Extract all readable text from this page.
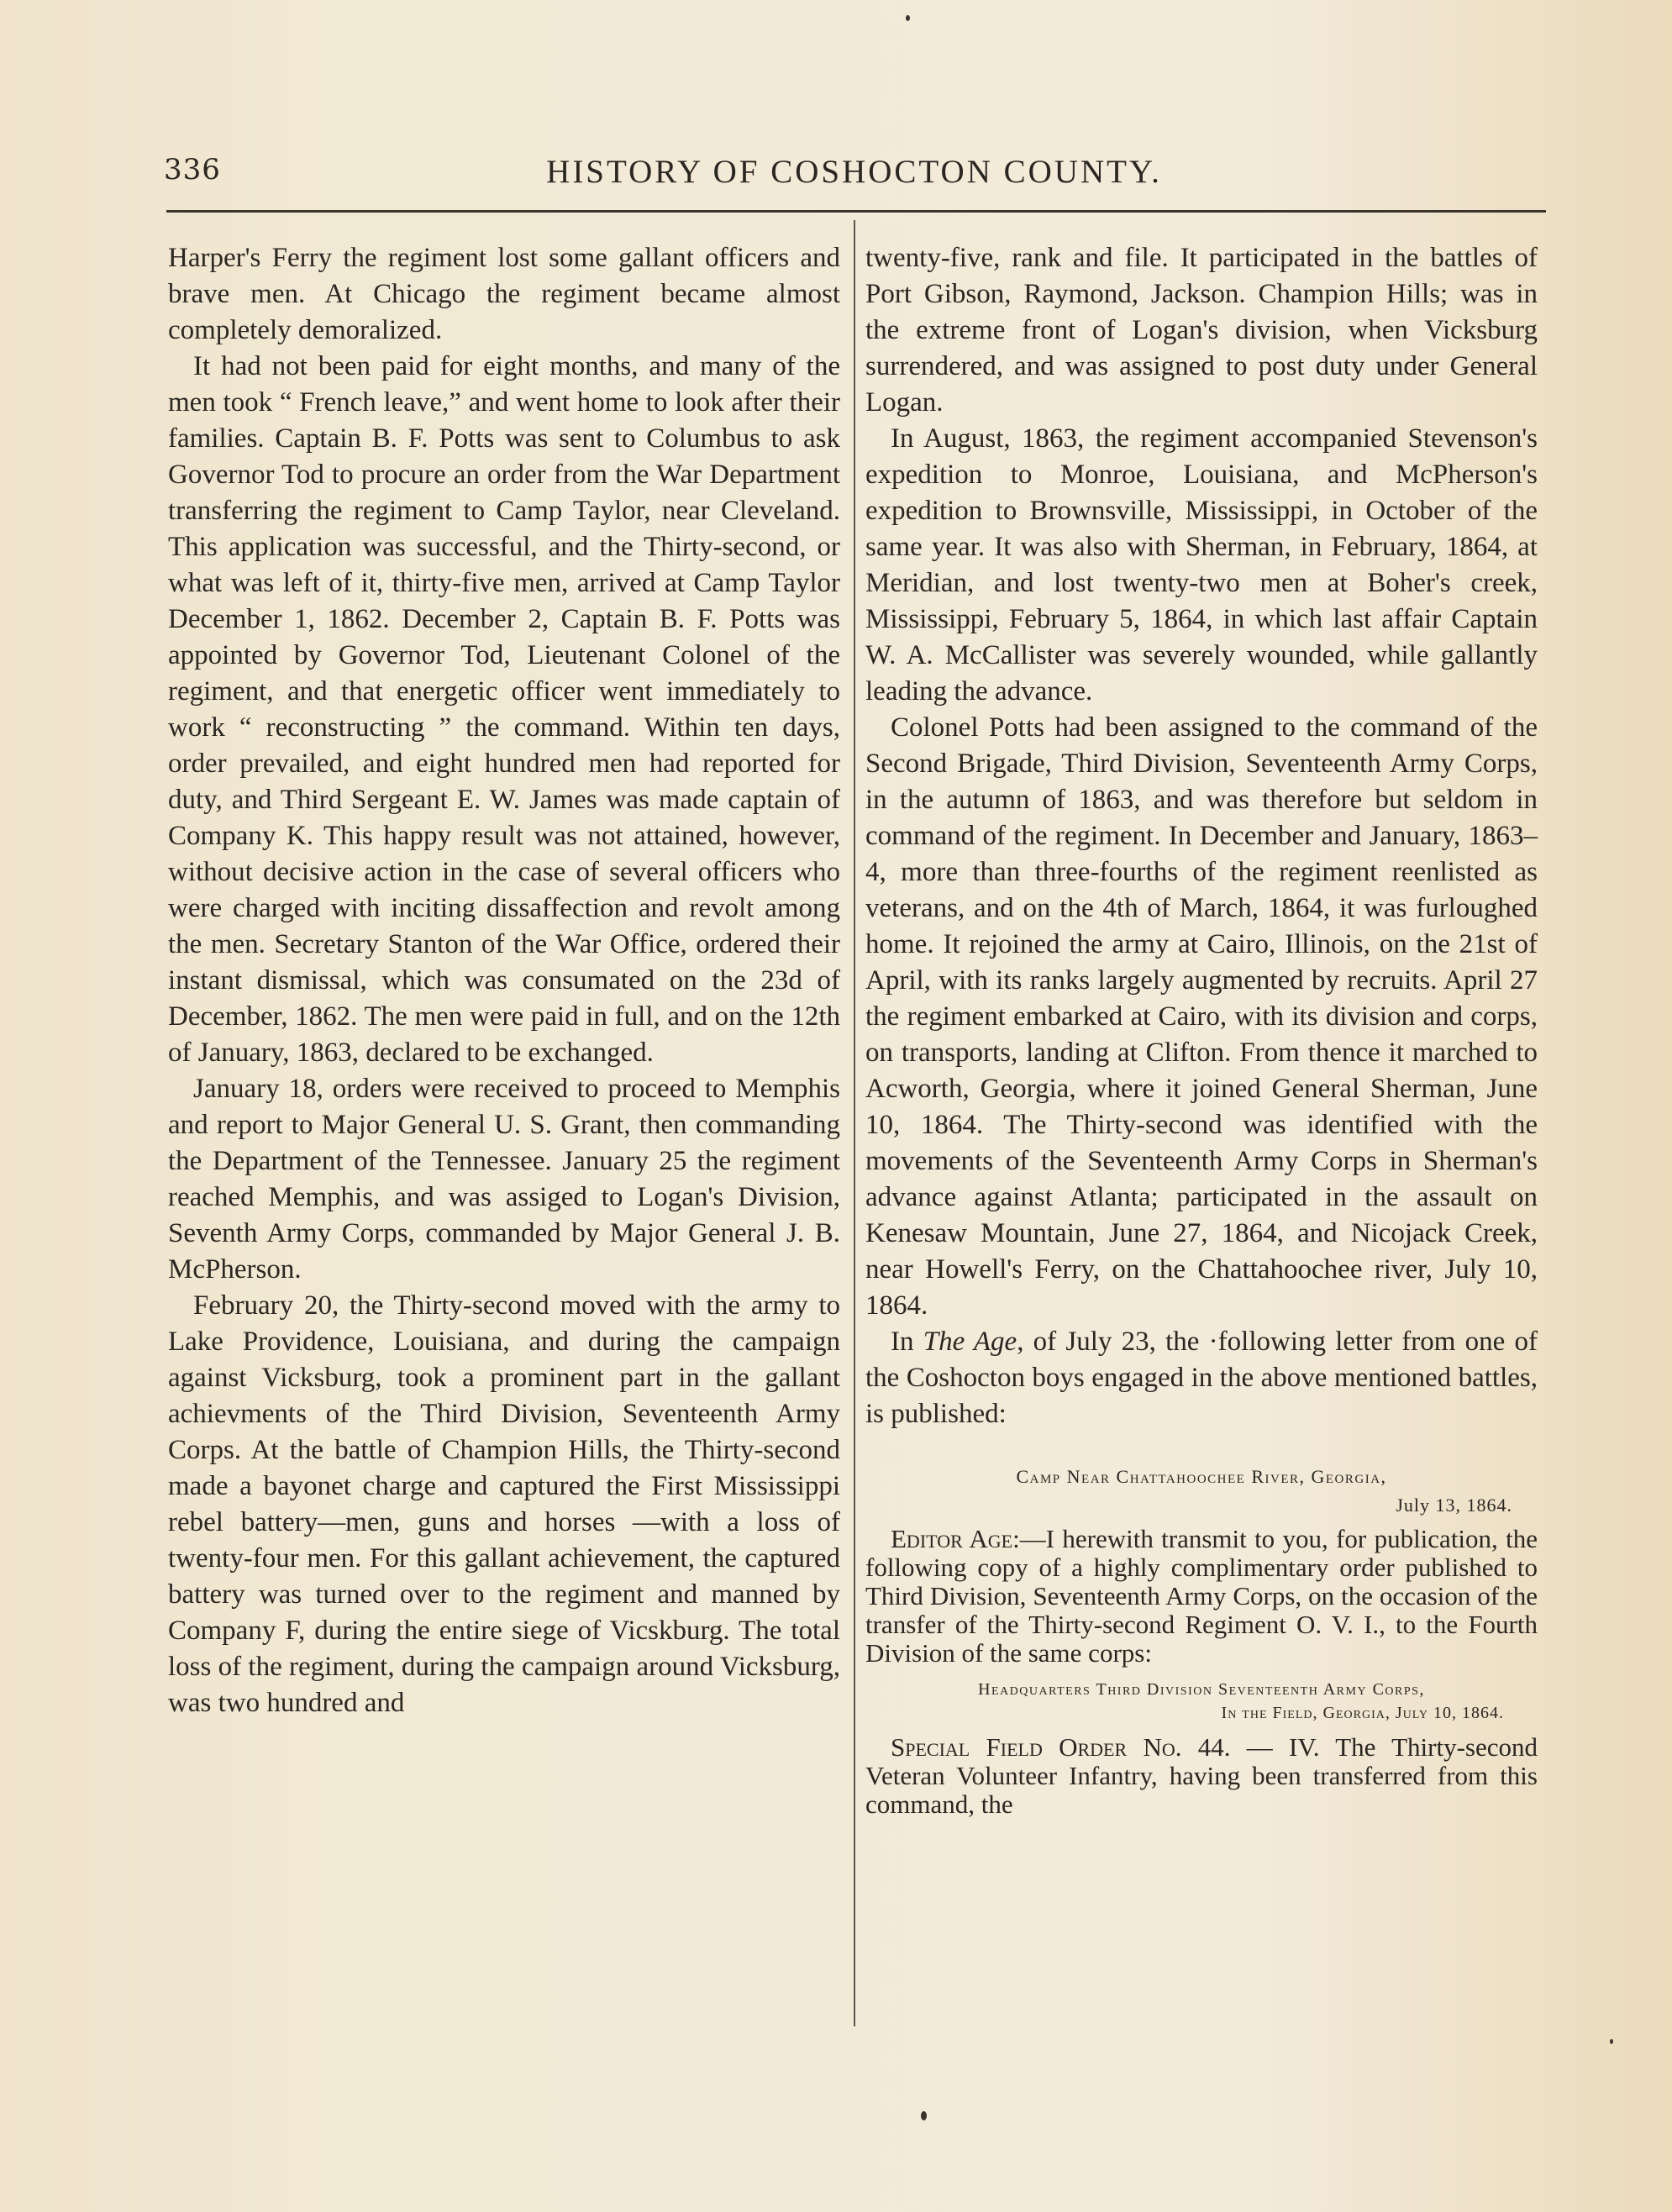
336	HISTORY OF COSHOCTON COUNTY.

Harper's Ferry the regiment lost some gallant officers and brave men. At Chicago the regiment became almost completely demoralized.

It had not been paid for eight months, and many of the men took “ French leave,” and went home to look after their families. Captain B. F. Potts was sent to Columbus to ask Governor Tod to procure an order from the War Department transferring the regiment to Camp Taylor, near Cleveland. This application was successful, and the Thirty-second, or what was left of it, thirty-five men, arrived at Camp Taylor December 1, 1862. December 2, Captain B. F. Potts was appointed by Governor Tod, Lieutenant Colonel of the regiment, and that energetic officer went immediately to work “ reconstructing ” the command. Within ten days, order prevailed, and eight hundred men had reported for duty, and Third Sergeant E. W. James was made captain of Company K. This happy result was not attained, however, without decisive action in the case of several officers who were charged with inciting dissaffection and revolt among the men. Secretary Stanton of the War Office, ordered their instant dismissal, which was consumated on the 23d of December, 1862. The men were paid in full, and on the 12th of January, 1863, declared to be exchanged.

January 18, orders were received to proceed to Memphis and report to Major General U. S. Grant, then commanding the Department of the Tennessee. January 25 the regiment reached Memphis, and was assiged to Logan's Division, Seventh Army Corps, commanded by Major General J. B. McPherson.

February 20, the Thirty-second moved with the army to Lake Providence, Louisiana, and during the campaign against Vicksburg, took a prominent part in the gallant achievments of the Third Division, Seventeenth Army Corps. At the battle of Champion Hills, the Thirty-second made a bayonet charge and captured the First Mississippi rebel battery—men, guns and horses —with a loss of twenty-four men. For this gallant achievement, the captured battery was turned over to the regiment and manned by Company F, during the entire siege of Vicskburg. The total loss of the regiment, during the campaign around Vicksburg, was two hundred and

twenty-five, rank and file. It participated in the battles of Port Gibson, Raymond, Jackson. Champion Hills; was in the extreme front of Logan's division, when Vicksburg surrendered, and was assigned to post duty under General Logan.

In August, 1863, the regiment accompanied Stevenson's expedition to Monroe, Louisiana, and McPherson's expedition to Brownsville, Mississippi, in October of the same year. It was also with Sherman, in February, 1864, at Meridian, and lost twenty-two men at Boher's creek, Mississippi, February 5, 1864, in which last affair Captain W. A. McCallister was severely wounded, while gallantly leading the advance.

Colonel Potts had been assigned to the command of the Second Brigade, Third Division, Seventeenth Army Corps, in the autumn of 1863, and was therefore but seldom in command of the regiment. In December and January, 1863–4, more than three-fourths of the regiment reenlisted as veterans, and on the 4th of March, 1864, it was furloughed home. It rejoined the army at Cairo, Illinois, on the 21st of April, with its ranks largely augmented by recruits. April 27 the regiment embarked at Cairo, with its division and corps, on transports, landing at Clifton. From thence it marched to Acworth, Georgia, where it joined General Sherman, June 10, 1864. The Thirty-second was identified with the movements of the Seventeenth Army Corps in Sherman's advance against Atlanta; participated in the assault on Kenesaw Mountain, June 27, 1864, and Nicojack Creek, near Howell's Ferry, on the Chattahoochee river, July 10, 1864.

In The Age, of July 23, the ·following letter from one of the Coshocton boys engaged in the above mentioned battles, is published:

Camp Near Chattahoochee River, Georgia,
July 13, 1864.

Editor Age:—I herewith transmit to you, for publication, the following copy of a highly complimentary order published to Third Division, Seventeenth Army Corps, on the occasion of the transfer of the Thirty-second Regiment O. V. I., to the Fourth Division of the same corps:

Headquarters Third Division Seventeenth Army Corps,
In the Field, Georgia, July 10, 1864.

Special Field Order No. 44. — IV. The Thirty-second Veteran Volunteer Infantry, having been transferred from this command, the
